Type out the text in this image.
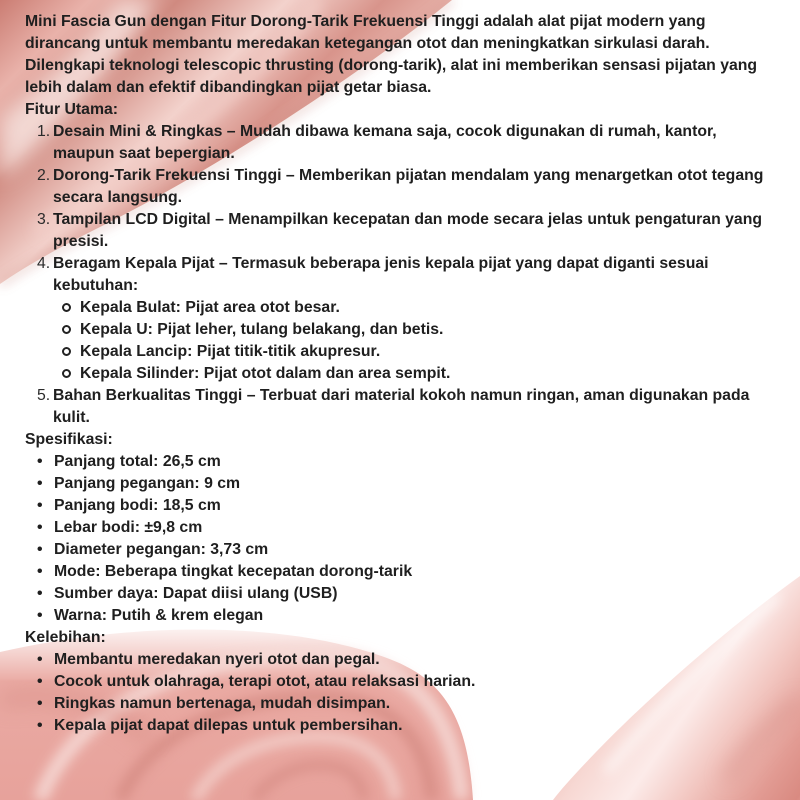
Mini Fascia Gun dengan Fitur Dorong-Tarik Frekuensi Tinggi adalah alat pijat modern yang dirancang untuk membantu meredakan ketegangan otot dan meningkatkan sirkulasi darah. Dilengkapi teknologi telescopic thrusting (dorong-tarik), alat ini memberikan sensasi pijatan yang lebih dalam dan efektif dibandingkan pijat getar biasa.

Fitur Utama:
1. Desain Mini & Ringkas – Mudah dibawa kemana saja, cocok digunakan di rumah, kantor, maupun saat bepergian.
2. Dorong-Tarik Frekuensi Tinggi – Memberikan pijatan mendalam yang menargetkan otot tegang secara langsung.
3. Tampilan LCD Digital – Menampilkan kecepatan dan mode secara jelas untuk pengaturan yang presisi.
4. Beragam Kepala Pijat – Termasuk beberapa jenis kepala pijat yang dapat diganti sesuai kebutuhan:
Kepala Bulat: Pijat area otot besar.
Kepala U: Pijat leher, tulang belakang, dan betis.
Kepala Lancip: Pijat titik-titik akupresur.
Kepala Silinder: Pijat otot dalam dan area sempit.
5. Bahan Berkualitas Tinggi – Terbuat dari material kokoh namun ringan, aman digunakan pada kulit.
Spesifikasi:
• Panjang total: 26,5 cm
• Panjang pegangan: 9 cm
• Panjang bodi: 18,5 cm
• Lebar bodi: ±9,8 cm
• Diameter pegangan: 3,73 cm
• Mode: Beberapa tingkat kecepatan dorong-tarik
• Sumber daya: Dapat diisi ulang (USB)
• Warna: Putih & krem elegan
Kelebihan:
• Membantu meredakan nyeri otot dan pegal.
• Cocok untuk olahraga, terapi otot, atau relaksasi harian.
• Ringkas namun bertenaga, mudah disimpan.
• Kepala pijat dapat dilepas untuk pembersihan.
